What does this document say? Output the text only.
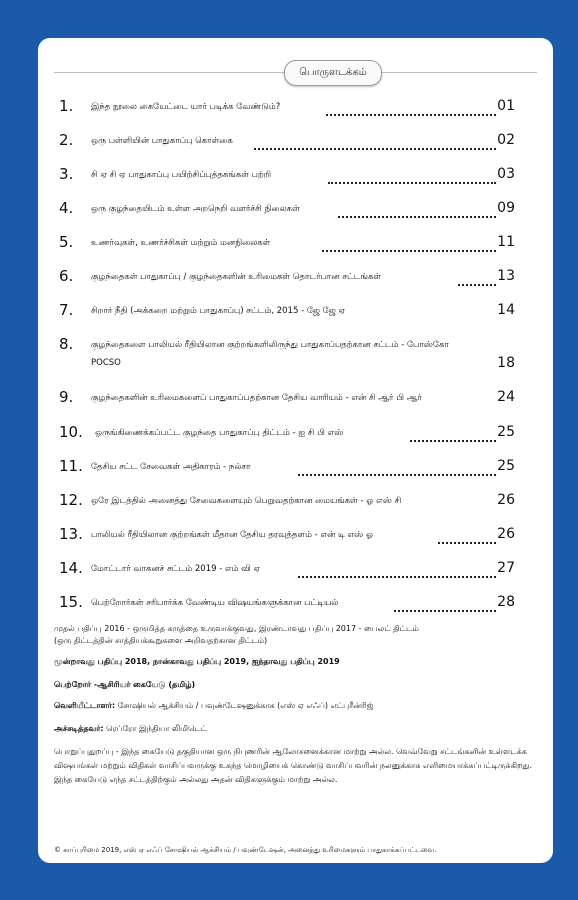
பொருளடக்கம்
1. இந்த நூலை கையேட்டை யார் படிக்க வேண்டும்?	01
2. ஒரு பள்ளியின் பாதுகாப்பு கொள்கை	02
3. சி ஏ சி ஏ பாதுகாப்பு பயிற்சிப்புத்தகங்கள் பற்றி	03
4. ஒரு குழந்தையிடம் உள்ள அறநெறி வளர்ச்சி நிலைகள்	09
5. உணர்வுகள், உணர்ச்சிகள் மற்றும் மனநிலைகள்	11
6. குழந்தைகள் பாதுகாப்பு / குழந்தைகளின் உரிமைகள் தொடர்பான சட்டங்கள்	13
7. சிறார் நீதி (அக்கறை மற்றும் பாதுகாப்பு) சட்டம், 2015 - ஜே ஜே ஏ	14
8. குழந்தைகளை பாலியல் ரீதியிலான குற்றங்களிலிருந்து பாதுகாப்பதற்கான சட்டம் - போஸ்கோ
POCSO	18
9. குழந்தைகளின் உரிமைகளைப் பாதுகாப்பதற்கான தேசிய வாரியம் - என் சி ஆர் பி ஆர்	24
10. ஒருங்கிணைக்கப்பட்ட குழந்தை பாதுகாப்பு திட்டம் - ஐ சி பி எஸ்	25
11. தேசிய சட்ட சேவைகள் அதிகாரம் - நல்சா	25
12. ஒரே இடத்தில் அனைத்து சேவைகளையும் பெறுவதற்கான மையங்கள் - ஓ எஸ் சி	26
13. பாலியல் ரீதியிலான குற்றங்கள் மீதான தேசிய தரவுத்தளம் - என் டி எஸ் ஓ	26
14. மோட்டார் வாகனச் சட்டம் 2019 - எம் வி ஏ	27
15. பெற்றோர்கள் சரிபார்க்க வேண்டிய விஷயங்களுக்கான பட்டியல்	28
முதல் பதிப்பு 2016 - ஒருமித்த கருத்தை உருவாக்குவது, இரண்டாவது பதிப்பு 2017 - பைலட் திட்டம்
(ஒரு திட்டத்தின் சாத்தியக்கூறுகளை அறிவதற்கான திட்டம்)
மூன்றாவது பதிப்பு 2018, நான்காவது பதிப்பு 2019, ஐந்தாவது பதிப்பு 2019
பெற்றோர் -ஆசிரியர் கையேடு (தமிழ்)
வெளியீட்டாளர்: சோஷியல் ஆக்சியம் / பவுண்டேஷனுக்காக (எஸ் ஏ எஃப்) எட்புரீன்ரிஜ்
அச்சடித்தவர்: ரெப்ரோ இந்தியா லிமிடெட்
பொறுப்புதுறப்பு - இந்த கையேடு தகுதியான ஒரு நிபுணரின் ஆலோசனைக்கான மாற்று அல்ல. வெவ்வேறு சட்டங்களின் உள்ளடக்க விஷயங்கள் மற்றும் விதிகள் வாசிப்பவருக்கு உகந்த மொழியைக் கொண்டு வாசிப்பவரின் நலனுக்காக எளிமையாக்கப்பட்டிருக்கிறது. இந்த கையேடு எந்த சட்டத்திற்கும் அல்லது அதன் விதிகளுக்கும் மாற்று அல்ல.
© காப்புரிமை 2019, எஸ் ஏ எஃப் சோஷியல் ஆக்சியம் / பவுண்டேஷன், அனைத்து உரிமைகளும் பாதுகாக்கப்பட்டவை.
